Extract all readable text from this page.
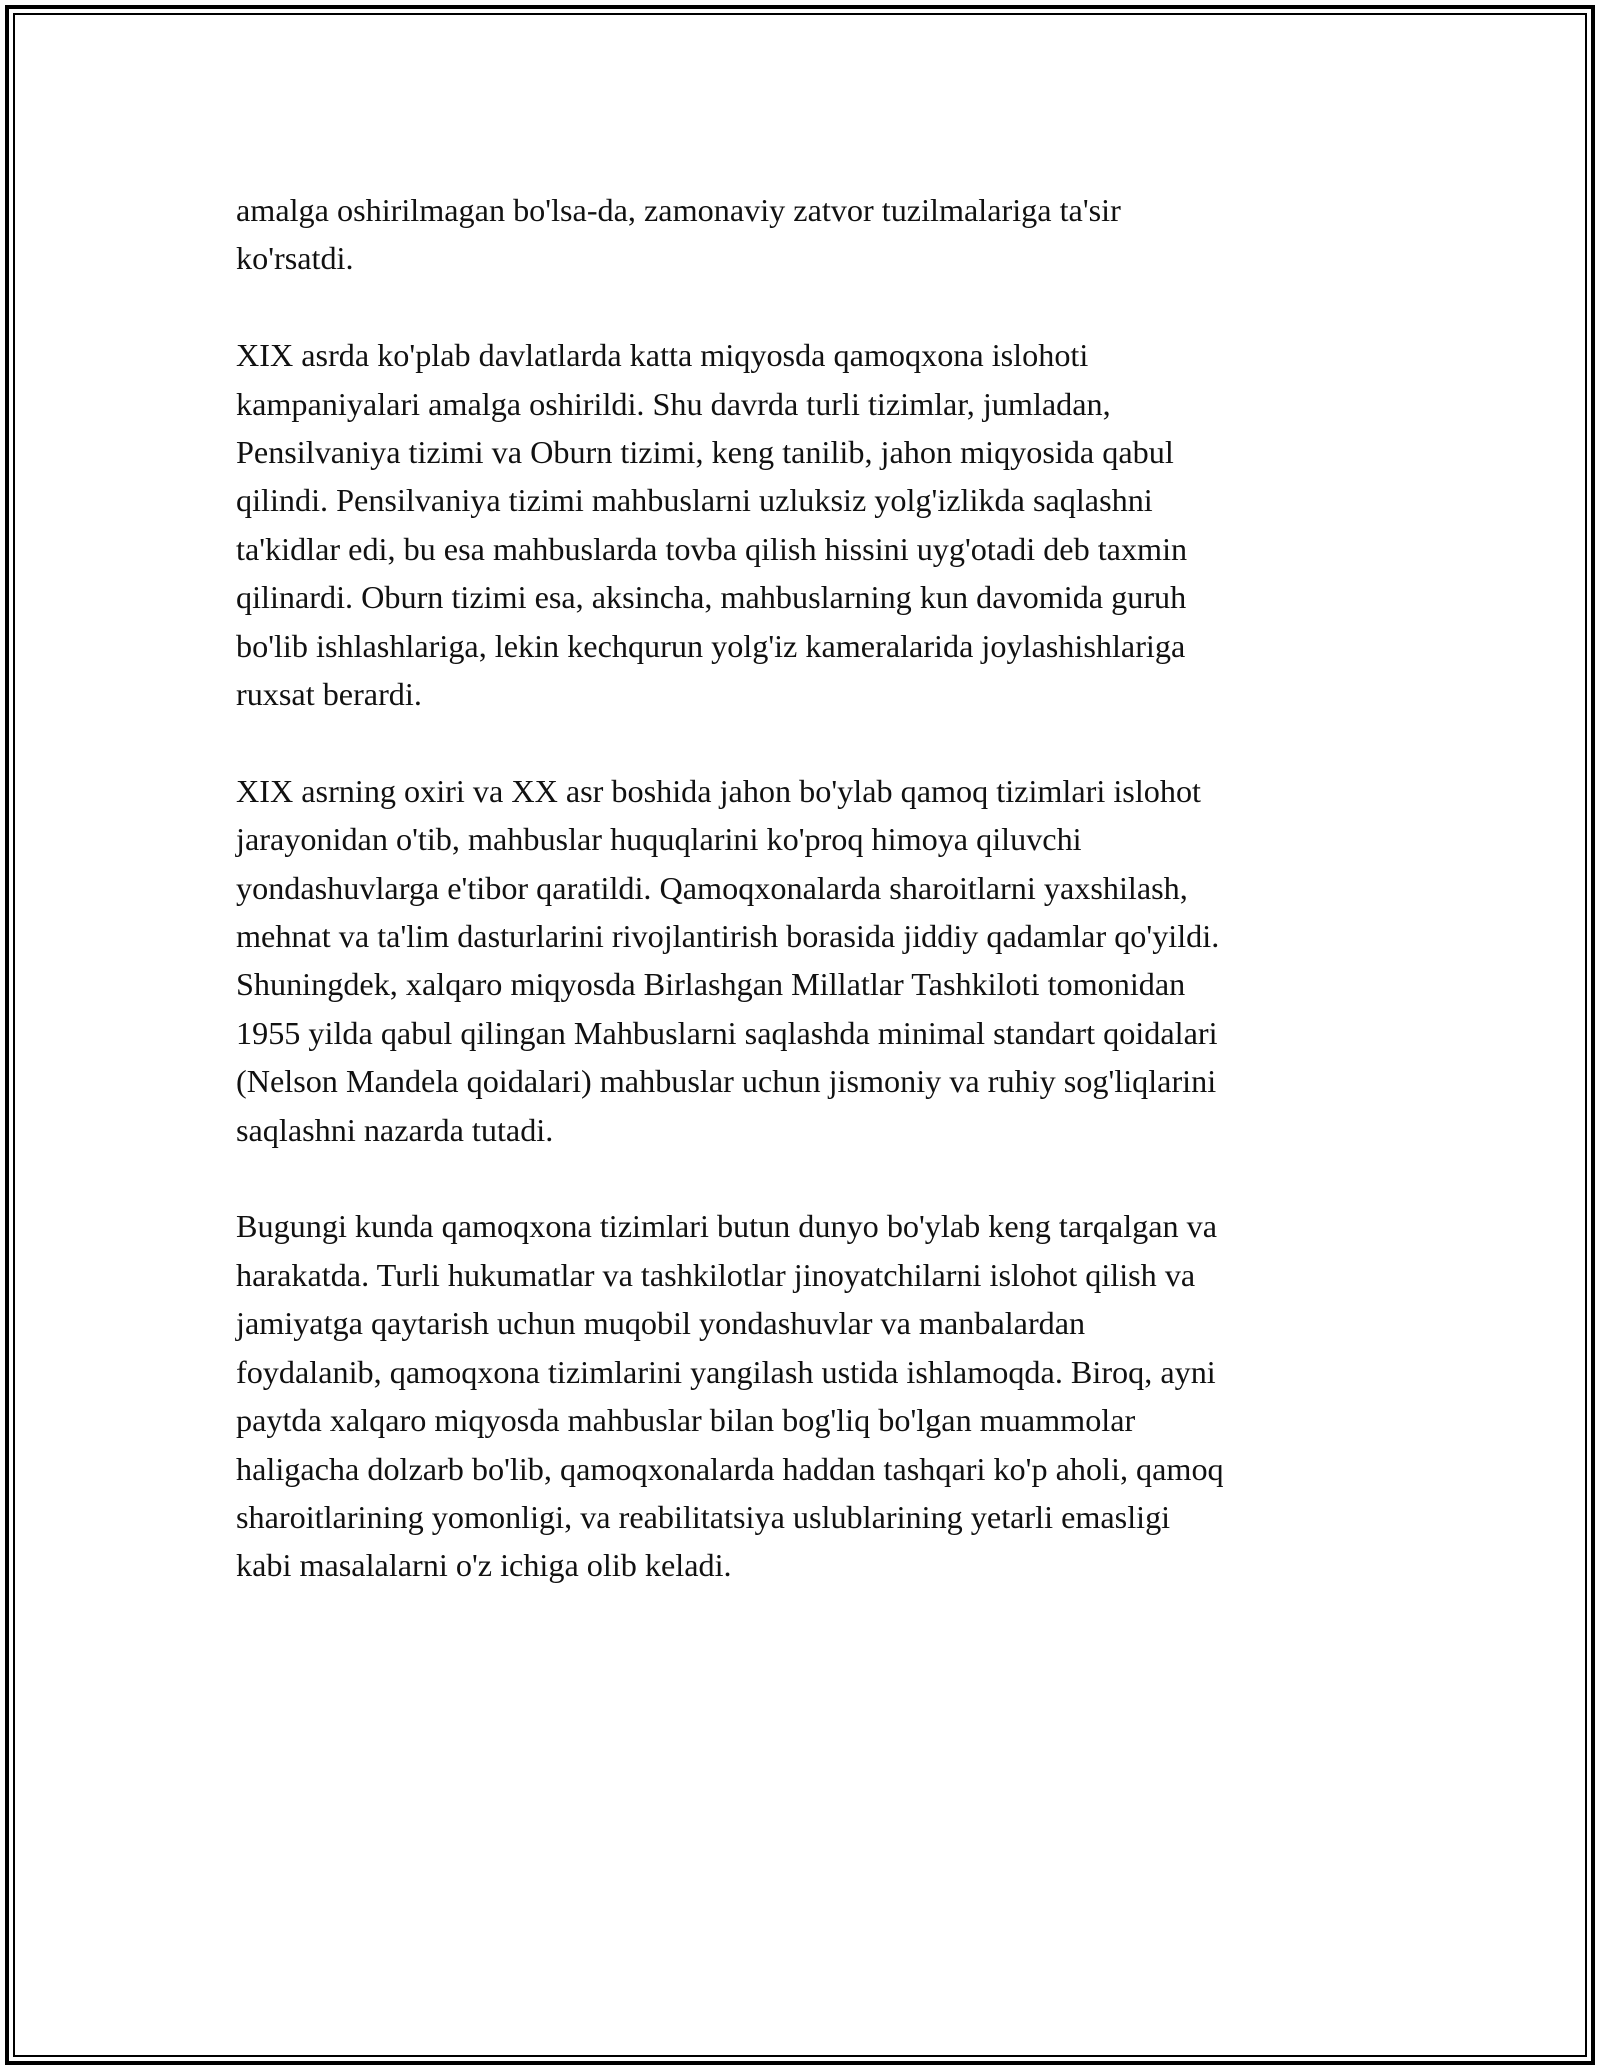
amalga oshirilmagan bo'lsa-da, zamonaviy zatvor tuzilmalariga ta'sir
ko'rsatdi.

XIX asrda ko'plab davlatlarda katta miqyosda qamoqxona islohoti
kampaniyalari amalga oshirildi. Shu davrda turli tizimlar, jumladan,
Pensilvaniya tizimi va Oburn tizimi, keng tanilib, jahon miqyosida qabul
qilindi. Pensilvaniya tizimi mahbuslarni uzluksiz yolg'izlikda saqlashni
ta'kidlar edi, bu esa mahbuslarda tovba qilish hissini uyg'otadi deb taxmin
qilinardi. Oburn tizimi esa, aksincha, mahbuslarning kun davomida guruh
bo'lib ishlashlariga, lekin kechqurun yolg'iz kameralarida joylashishlariga
ruxsat berardi.

XIX asrning oxiri va XX asr boshida jahon bo'ylab qamoq tizimlari islohot
jarayonidan o'tib, mahbuslar huquqlarini ko'proq himoya qiluvchi
yondashuvlarga e'tibor qaratildi. Qamoqxonalarda sharoitlarni yaxshilash,
mehnat va ta'lim dasturlarini rivojlantirish borasida jiddiy qadamlar qo'yildi.
Shuningdek, xalqaro miqyosda Birlashgan Millatlar Tashkiloti tomonidan
1955 yilda qabul qilingan Mahbuslarni saqlashda minimal standart qoidalari
(Nelson Mandela qoidalari) mahbuslar uchun jismoniy va ruhiy sog'liqlarini
saqlashni nazarda tutadi.

Bugungi kunda qamoqxona tizimlari butun dunyo bo'ylab keng tarqalgan va
harakatda. Turli hukumatlar va tashkilotlar jinoyatchilarni islohot qilish va
jamiyatga qaytarish uchun muqobil yondashuvlar va manbalardan
foydalanib, qamoqxona tizimlarini yangilash ustida ishlamoqda. Biroq, ayni
paytda xalqaro miqyosda mahbuslar bilan bog'liq bo'lgan muammolar
haligacha dolzarb bo'lib, qamoqxonalarda haddan tashqari ko'p aholi, qamoq
sharoitlarining yomonligi, va reabilitatsiya uslublarining yetarli emasligi
kabi masalalarni o'z ichiga olib keladi.
